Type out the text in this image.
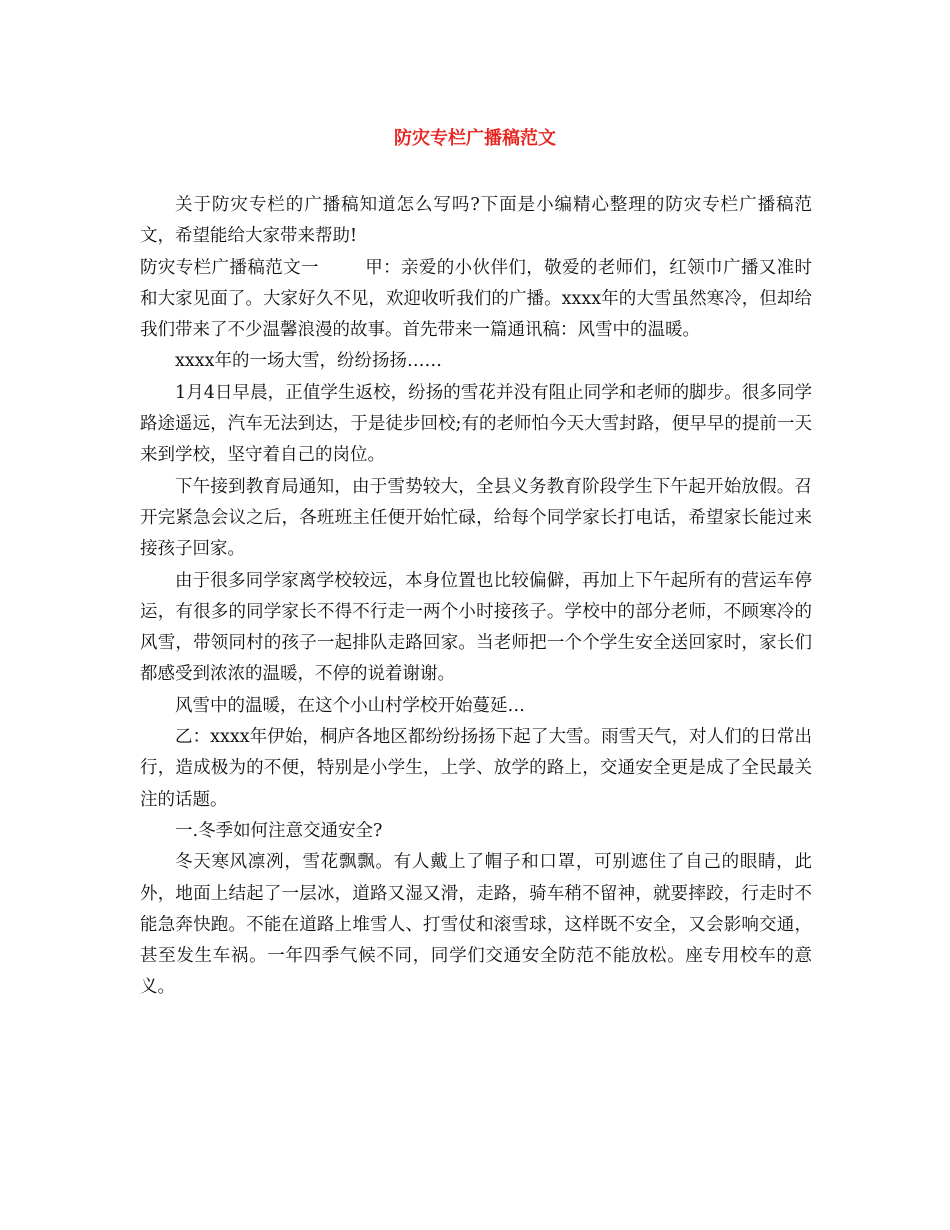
防灾专栏广播稿范文

关于防灾专栏的广播稿知道怎么写吗?下面是小编精心整理的防灾专栏广播稿范文，希望能给大家带来帮助!

防灾专栏广播稿范文一	甲：亲爱的小伙伴们，敬爱的老师们，红领巾广播又准时和大家见面了。大家好久不见，欢迎收听我们的广播。xxxx年的大雪虽然寒冷，但却给我们带来了不少温馨浪漫的故事。首先带来一篇通讯稿：风雪中的温暖。

xxxx年的一场大雪，纷纷扬扬……

1月4日早晨，正值学生返校，纷扬的雪花并没有阻止同学和老师的脚步。很多同学路途遥远，汽车无法到达，于是徒步回校;有的老师怕今天大雪封路，便早早的提前一天来到学校，坚守着自己的岗位。

下午接到教育局通知，由于雪势较大，全县义务教育阶段学生下午起开始放假。召开完紧急会议之后，各班班主任便开始忙碌，给每个同学家长打电话，希望家长能过来接孩子回家。

由于很多同学家离学校较远，本身位置也比较偏僻，再加上下午起所有的营运车停运，有很多的同学家长不得不行走一两个小时接孩子。学校中的部分老师，不顾寒冷的风雪，带领同村的孩子一起排队走路回家。当老师把一个个学生安全送回家时，家长们都感受到浓浓的温暖，不停的说着谢谢。

风雪中的温暖，在这个小山村学校开始蔓延…

乙：xxxx年伊始，桐庐各地区都纷纷扬扬下起了大雪。雨雪天气，对人们的日常出行，造成极为的不便，特别是小学生，上学、放学的路上，交通安全更是成了全民最关注的话题。

一.冬季如何注意交通安全?

冬天寒风凛冽，雪花飘飘。有人戴上了帽子和口罩，可别遮住了自己的眼睛，此外，地面上结起了一层冰，道路又湿又滑，走路，骑车稍不留神，就要摔跤，行走时不能急奔快跑。不能在道路上堆雪人、打雪仗和滚雪球，这样既不安全，又会影响交通，甚至发生车祸。一年四季气候不同，同学们交通安全防范不能放松。座专用校车的意义。
